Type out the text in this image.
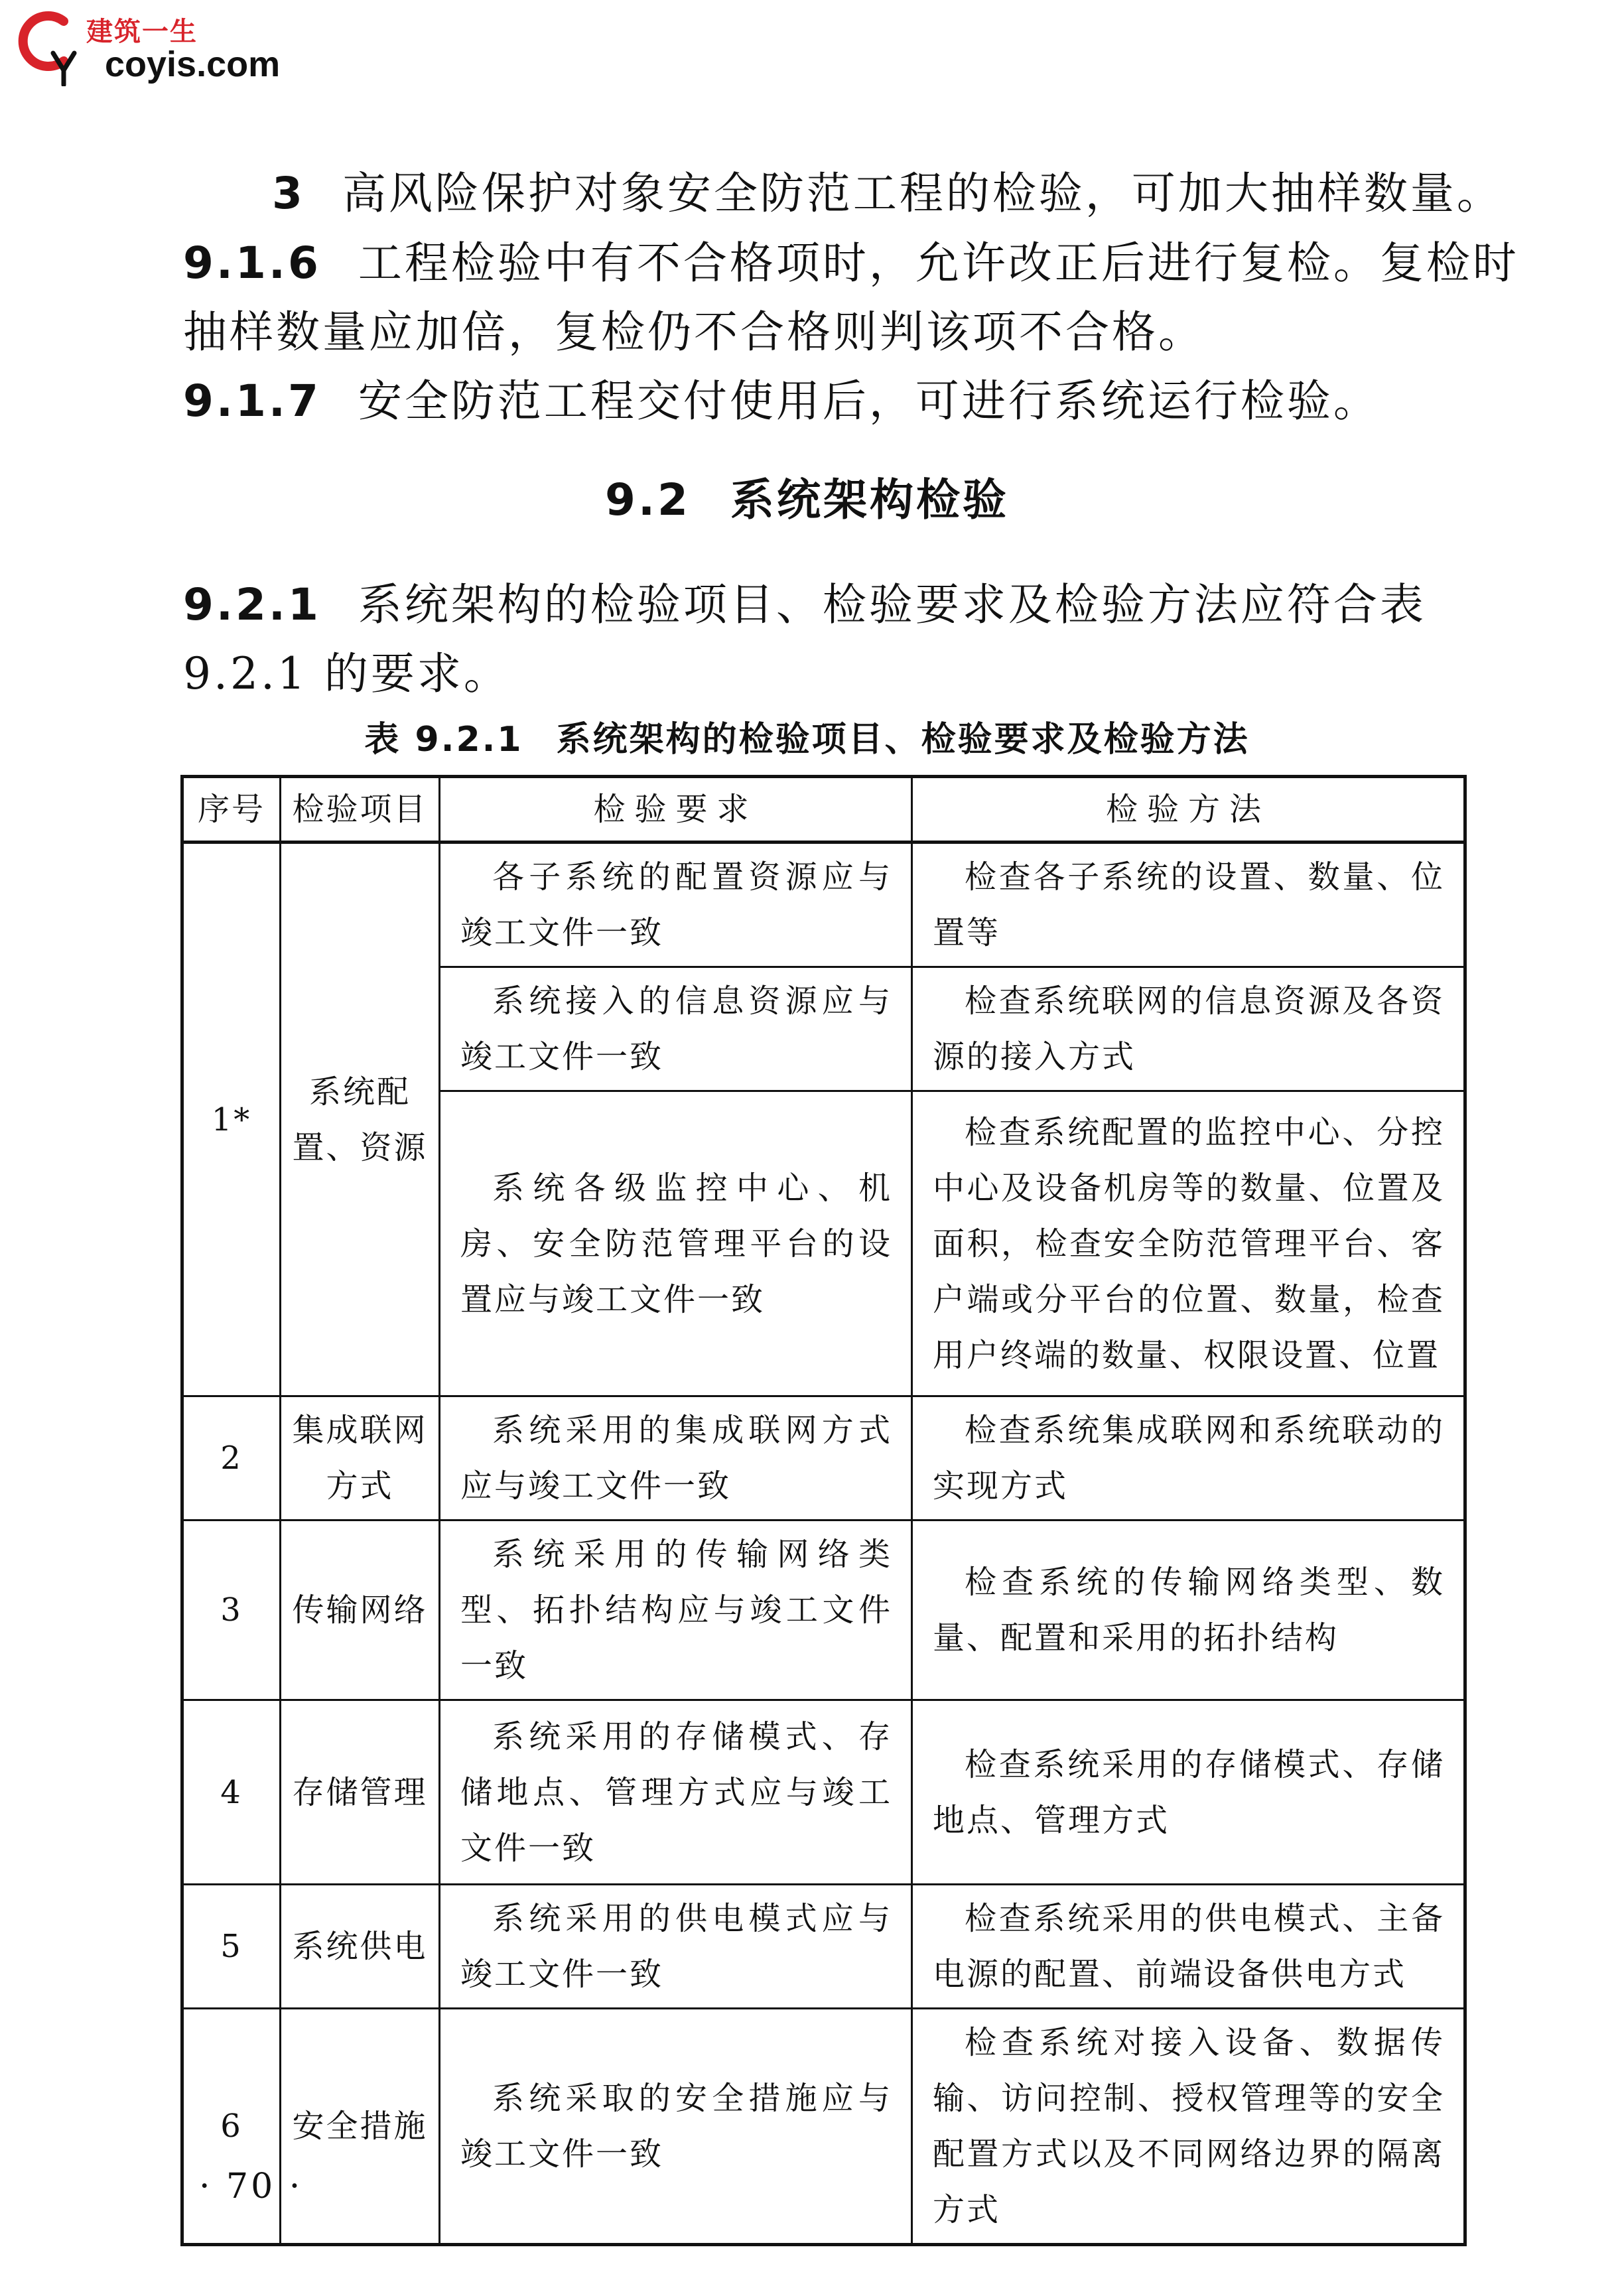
建筑一生
coyis.com
3 高风险保护对象安全防范工程的检验，可加大抽样数量。
9.1.6 工程检验中有不合格项时，允许改正后进行复检。复检时
抽样数量应加倍，复检仍不合格则判该项不合格。
9.1.7 安全防范工程交付使用后，可进行系统运行检验。
9.2 系统架构检验
9.2.1 系统架构的检验项目、检验要求及检验方法应符合表
9.2.1 的要求。
表 9.2.1 系统架构的检验项目、检验要求及检验方法
序号	检验项目	检验要求	检验方法
1*	系统配置、资源	各子系统的配置资源应与竣工文件一致	检查各子系统的设置、数量、位置等
		系统接入的信息资源应与竣工文件一致	检查系统联网的信息资源及各资源的接入方式
		系统各级监控中心、机房、安全防范管理平台的设置应与竣工文件一致	检查系统配置的监控中心、分控中心及设备机房等的数量、位置及面积，检查安全防范管理平台、客户端或分平台的位置、数量，检查用户终端的数量、权限设置、位置
2	集成联网方式	系统采用的集成联网方式应与竣工文件一致	检查系统集成联网和系统联动的实现方式
3	传输网络	系统采用的传输网络类型、拓扑结构应与竣工文件一致	检查系统的传输网络类型、数量、配置和采用的拓扑结构
4	存储管理	系统采用的存储模式、存储地点、管理方式应与竣工文件一致	检查系统采用的存储模式、存储地点、管理方式
5	系统供电	系统采用的供电模式应与竣工文件一致	检查系统采用的供电模式、主备电源的配置、前端设备供电方式
6	安全措施	系统采取的安全措施应与竣工文件一致	检查系统对接入设备、数据传输、访问控制、授权管理等的安全配置方式以及不同网络边界的隔离方式
· 70 ·
